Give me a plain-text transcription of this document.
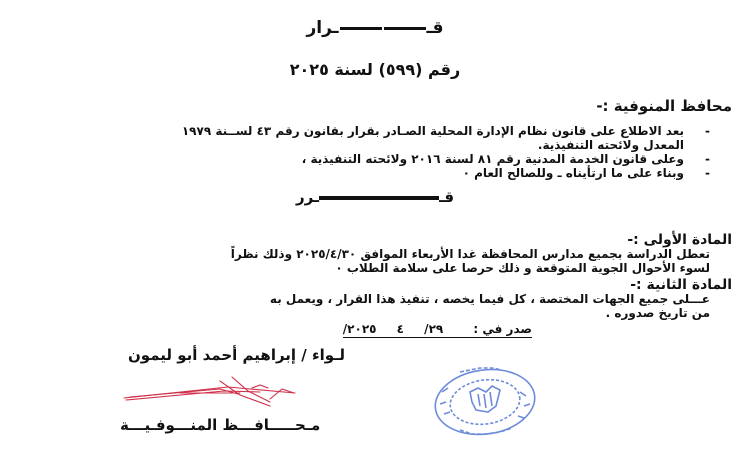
قــرار
رقم (٥٩٩) لسنة ٢٠٢٥
محافظ المنوفية :-
-
بعد الاطلاع على قانون نظام الإدارة المحلية الصـادر بقرار بقانون رقم ٤٣ لســنة ١٩٧٩
المعدل ولائحته التنفيذية.
-
وعلى قانون الخدمة المدنية رقم ٨١ لسنة ٢٠١٦ ولائحته التنفيذية ،
-
وبناء على ما ارتأيناه ـ وللصالح العام ٠
قــرر
المادة الأولى :-
تعطل الدراسة بجميع مدارس المحافظة غدا الأربعاء الموافق ٢٠٢٥/٤/٣٠ وذلك نظراً
لسوء الأحوال الجوية المتوقعة و ذلك حرصا على سلامة الطلاب ٠
المادة الثانية :-
عـــلى جميع الجهات المختصة ، كل فيما يخصه ، تنفيذ هذا القرار ، ويعمل به
من تاريخ صدوره .
صدر في : ٢٩/ ٤ ٢٠٢٥/
لـواء / إبراهيم أحمد أبو ليمون
مـحـــــافـــظ المنـــوفـيـــة
